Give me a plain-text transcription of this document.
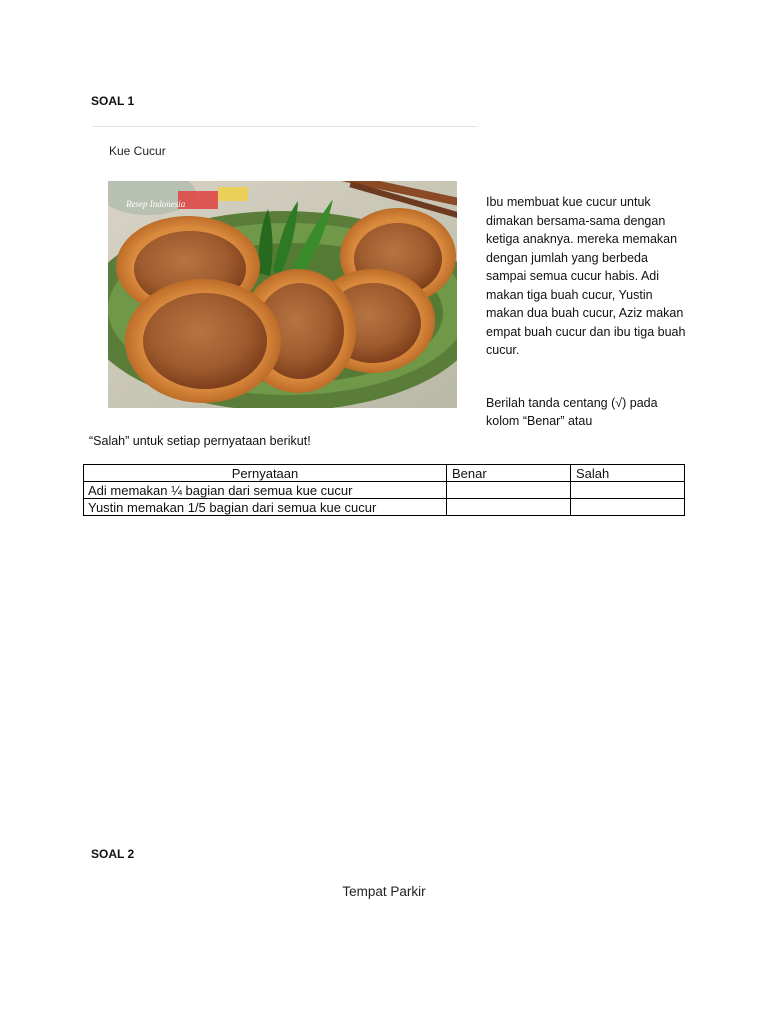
SOAL 1
Kue Cucur
Resep Indonesia	Ibu membuat kue cucur untuk dimakan bersama-sama dengan ketiga anaknya. mereka memakan dengan jumlah yang berbeda sampai semua cucur habis. Adi makan tiga buah cucur, Yustin makan dua buah cucur, Aziz makan empat buah cucur dan ibu tiga buah cucur.

Berilah tanda centang (√) pada kolom “Benar” atau
“Salah” untuk setiap pernyataan berikut!
Pernyataan	Benar	Salah
Adi memakan ¼ bagian dari semua kue cucur		
Yustin memakan 1/5 bagian dari semua kue cucur		
SOAL 2
Tempat Parkir
